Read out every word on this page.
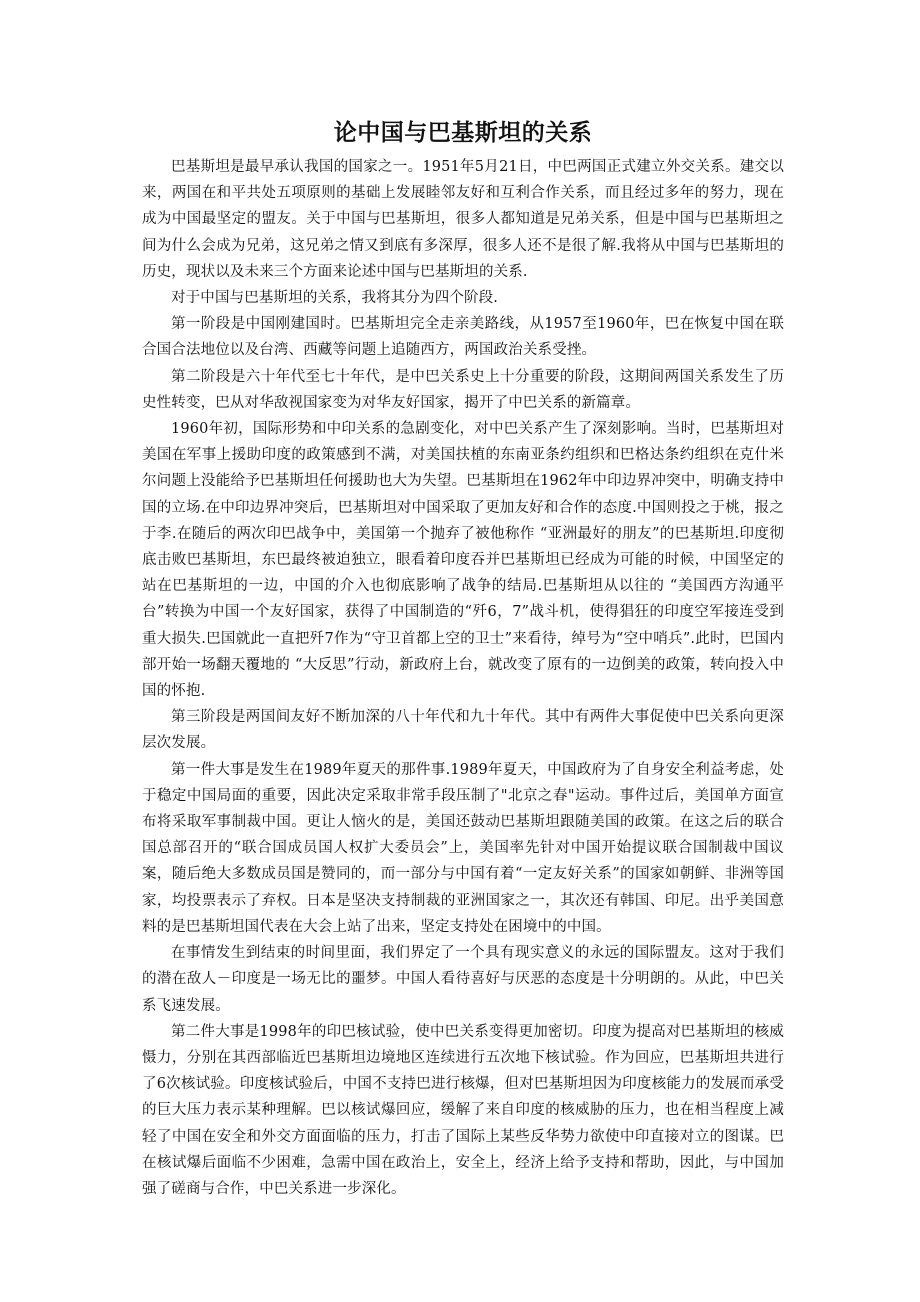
论中国与巴基斯坦的关系

巴基斯坦是最早承认我国的国家之一。1951年5月21日，中巴两国正式建立外交关系。建交以来，两国在和平共处五项原则的基础上发展睦邻友好和互利合作关系，而且经过多年的努力，现在成为中国最坚定的盟友。关于中国与巴基斯坦，很多人都知道是兄弟关系，但是中国与巴基斯坦之间为什么会成为兄弟，这兄弟之情又到底有多深厚，很多人还不是很了解.我将从中国与巴基斯坦的历史，现状以及未来三个方面来论述中国与巴基斯坦的关系.

对于中国与巴基斯坦的关系，我将其分为四个阶段.

第一阶段是中国刚建国时。巴基斯坦完全走亲美路线，从1957至1960年，巴在恢复中国在联合国合法地位以及台湾、西藏等问题上追随西方，两国政治关系受挫。

第二阶段是六十年代至七十年代，是中巴关系史上十分重要的阶段，这期间两国关系发生了历史性转变，巴从对华敌视国家变为对华友好国家，揭开了中巴关系的新篇章。

1960年初，国际形势和中印关系的急剧变化，对中巴关系产生了深刻影响。当时，巴基斯坦对美国在军事上援助印度的政策感到不满，对美国扶植的东南亚条约组织和巴格达条约组织在克什米尔问题上没能给予巴基斯坦任何援助也大为失望。巴基斯坦在1962年中印边界冲突中，明确支持中国的立场.在中印边界冲突后，巴基斯坦对中国采取了更加友好和合作的态度.中国则投之于桃，报之于李.在随后的两次印巴战争中，美国第一个抛弃了被他称作 “亚洲最好的朋友”的巴基斯坦.印度彻底击败巴基斯坦，东巴最终被迫独立，眼看着印度吞并巴基斯坦已经成为可能的时候，中国坚定的站在巴基斯坦的一边，中国的介入也彻底影响了战争的结局.巴基斯坦从以往的 “美国西方沟通平台”转换为中国一个友好国家，获得了中国制造的“歼6，7”战斗机，使得猖狂的印度空军接连受到重大损失.巴国就此一直把歼7作为“守卫首都上空的卫士”来看待，绰号为“空中哨兵”.此时，巴国内部开始一场翻天覆地的 “大反思”行动，新政府上台，就改变了原有的一边倒美的政策，转向投入中国的怀抱.

第三阶段是两国间友好不断加深的八十年代和九十年代。其中有两件大事促使中巴关系向更深层次发展。

第一件大事是发生在1989年夏天的那件事.1989年夏天，中国政府为了自身安全利益考虑，处于稳定中国局面的重要，因此决定采取非常手段压制了"北京之春"运动。事件过后，美国单方面宣布将采取军事制裁中国。更让人恼火的是，美国还鼓动巴基斯坦跟随美国的政策。在这之后的联合国总部召开的“联合国成员国人权扩大委员会”上，美国率先针对中国开始提议联合国制裁中国议案，随后绝大多数成员国是赞同的，而一部分与中国有着“一定友好关系”的国家如朝鲜、非洲等国家，均投票表示了弃权。日本是坚决支持制裁的亚洲国家之一，其次还有韩国、印尼。出乎美国意料的是巴基斯坦国代表在大会上站了出来，坚定支持处在困境中的中国。

在事情发生到结束的时间里面，我们界定了一个具有现实意义的永远的国际盟友。这对于我们的潜在敌人－印度是一场无比的噩梦。中国人看待喜好与厌恶的态度是十分明朗的。从此，中巴关系飞速发展。

第二件大事是1998年的印巴核试验，使中巴关系变得更加密切。印度为提高对巴基斯坦的核威慑力，分别在其西部临近巴基斯坦边境地区连续进行五次地下核试验。作为回应，巴基斯坦共进行了6次核试验。印度核试验后，中国不支持巴进行核爆，但对巴基斯坦因为印度核能力的发展而承受的巨大压力表示某种理解。巴以核试爆回应，缓解了来自印度的核威胁的压力，也在相当程度上减轻了中国在安全和外交方面面临的压力，打击了国际上某些反华势力欲使中印直接对立的图谋。巴在核试爆后面临不少困难，急需中国在政治上，安全上，经济上给予支持和帮助，因此，与中国加强了磋商与合作，中巴关系进一步深化。
